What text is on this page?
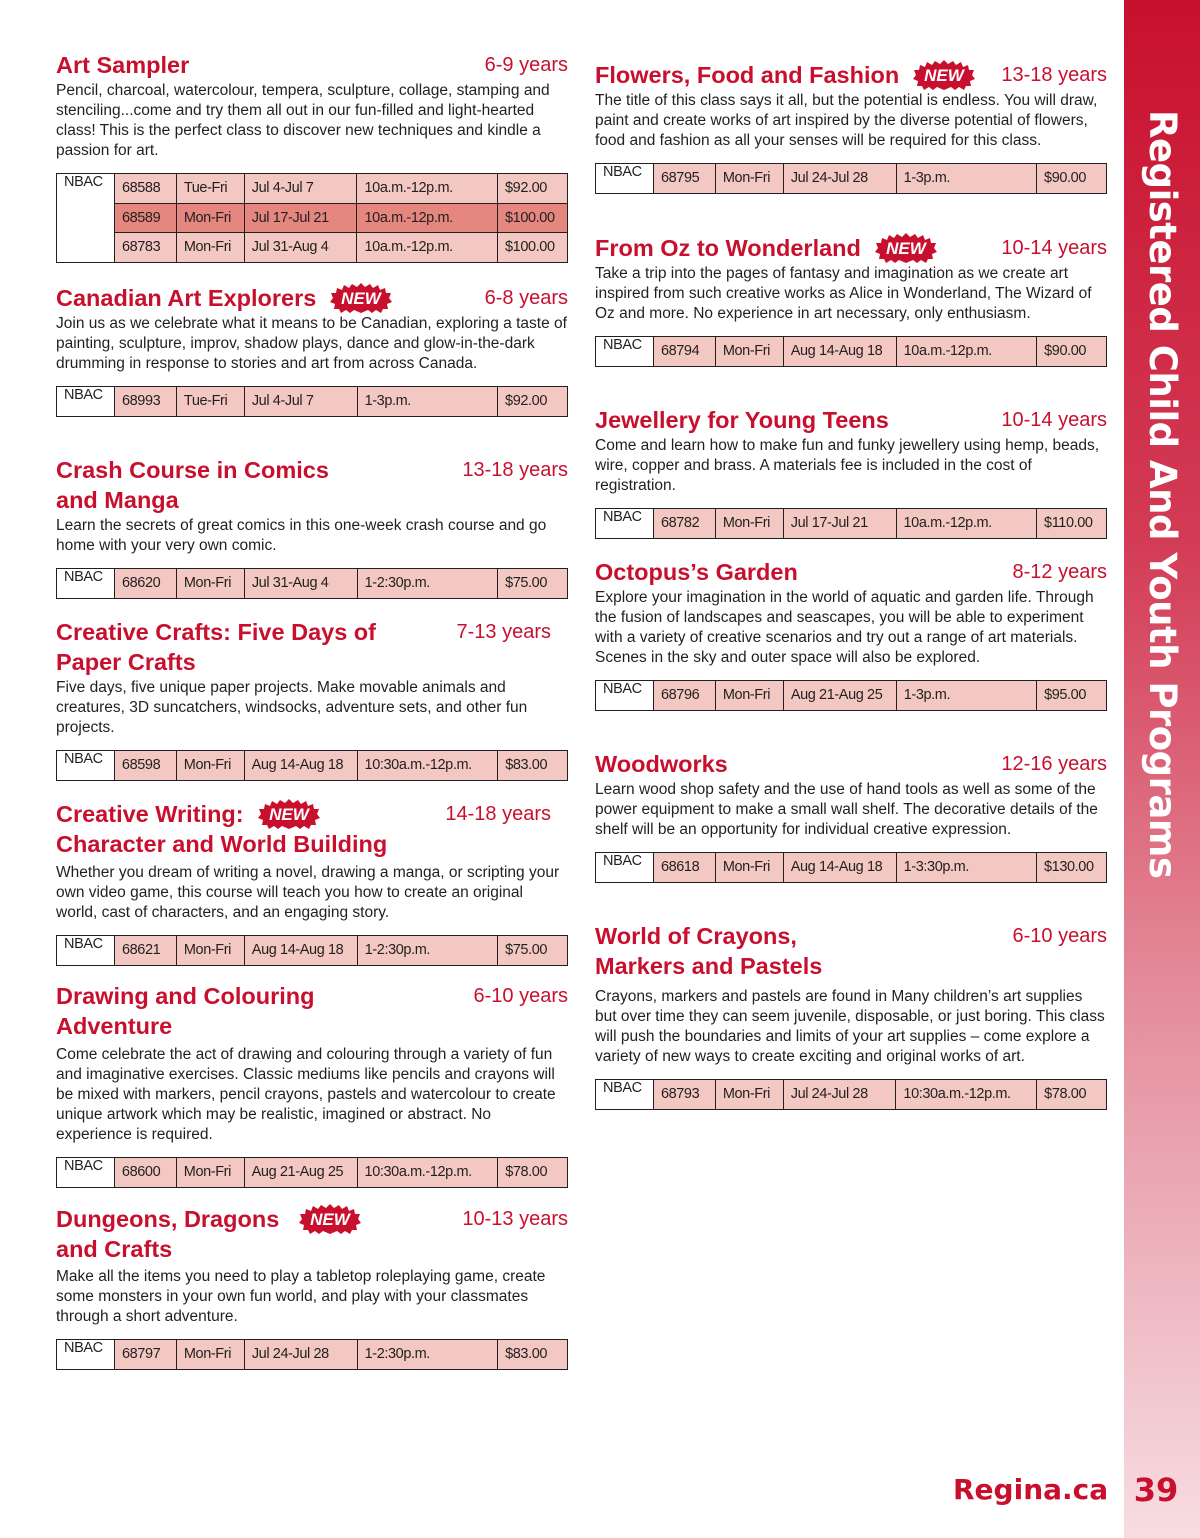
Art Sampler	6-9 years
Pencil, charcoal, watercolour, tempera, sculpture, collage, stamping and stenciling...come and try them all out in our fun-filled and light-hearted class! This is the perfect class to discover new techniques and kindle a passion for art.
NBAC	68588	Tue-Fri	Jul 4-Jul 7	10a.m.-12p.m.	$92.00
	68589	Mon-Fri	Jul 17-Jul 21	10a.m.-12p.m.	$100.00
	68783	Mon-Fri	Jul 31-Aug 4	10a.m.-12p.m.	$100.00
Canadian Art Explorers	6-8 years
Join us as we celebrate what it means to be Canadian, exploring a taste of painting, sculpture, improv, shadow plays, dance and glow-in-the-dark drumming in response to stories and art from across Canada.
NBAC	68993	Tue-Fri	Jul 4-Jul 7	1-3p.m.	$92.00
Crash Course in Comics	13-18 years
and Manga
Learn the secrets of great comics in this one-week crash course and go home with your very own comic.
NBAC	68620	Mon-Fri	Jul 31-Aug 4	1-2:30p.m.	$75.00
Creative Crafts: Five Days of	7-13 years
Paper Crafts
Five days, five unique paper projects. Make movable animals and creatures, 3D suncatchers, windsocks, adventure sets, and other fun projects.
NBAC	68598	Mon-Fri	Aug 14-Aug 18	10:30a.m.-12p.m.	$83.00
Creative Writing:	14-18 years
Character and World Building
Whether you dream of writing a novel, drawing a manga, or scripting your own video game, this course will teach you how to create an original world, cast of characters, and an engaging story.
NBAC	68621	Mon-Fri	Aug 14-Aug 18	1-2:30p.m.	$75.00
Drawing and Colouring	6-10 years
Adventure
Come celebrate the act of drawing and colouring through a variety of fun and imaginative exercises. Classic mediums like pencils and crayons will be mixed with markers, pencil crayons, pastels and watercolour to create unique artwork which may be realistic, imagined or abstract. No experience is required.
NBAC	68600	Mon-Fri	Aug 21-Aug 25	10:30a.m.-12p.m.	$78.00
Dungeons, Dragons	10-13 years
and Crafts
Make all the items you need to play a tabletop roleplaying game, create some monsters in your own fun world, and play with your classmates through a short adventure.
NBAC	68797	Mon-Fri	Jul 24-Jul 28	1-2:30p.m.	$83.00
Flowers, Food and Fashion	13-18 years
The title of this class says it all, but the potential is endless. You will draw, paint and create works of art inspired by the diverse potential of flowers, food and fashion as all your senses will be required for this class.
NBAC	68795	Mon-Fri	Jul 24-Jul 28	1-3p.m.	$90.00
From Oz to Wonderland	10-14 years
Take a trip into the pages of fantasy and imagination as we create art inspired from such creative works as Alice in Wonderland, The Wizard of Oz and more. No experience in art necessary, only enthusiasm.
NBAC	68794	Mon-Fri	Aug 14-Aug 18	10a.m.-12p.m.	$90.00
Jewellery for Young Teens	10-14 years
Come and learn how to make fun and funky jewellery using hemp, beads, wire, copper and brass. A materials fee is included in the cost of registration.
NBAC	68782	Mon-Fri	Jul 17-Jul 21	10a.m.-12p.m.	$110.00
Octopus’s Garden	8-12 years
Explore your imagination in the world of aquatic and garden life. Through the fusion of landscapes and seascapes, you will be able to experiment with a variety of creative scenarios and try out a range of art materials. Scenes in the sky and outer space will also be explored.
NBAC	68796	Mon-Fri	Aug 21-Aug 25	1-3p.m.	$95.00
Woodworks	12-16 years
Learn wood shop safety and the use of hand tools as well as some of the power equipment to make a small wall shelf. The decorative details of the shelf will be an opportunity for individual creative expression.
NBAC	68618	Mon-Fri	Aug 14-Aug 18	1-3:30p.m.	$130.00
World of Crayons,	6-10 years
Markers and Pastels
Crayons, markers and pastels are found in Many children’s art supplies but over time they can seem juvenile, disposable, or just boring. This class will push the boundaries and limits of your art supplies – come explore a variety of new ways to create exciting and original works of art.
NBAC	68793	Mon-Fri	Jul 24-Jul 28	10:30a.m.-12p.m.	$78.00
Registered Child And Youth Programs
Regina.ca 39
